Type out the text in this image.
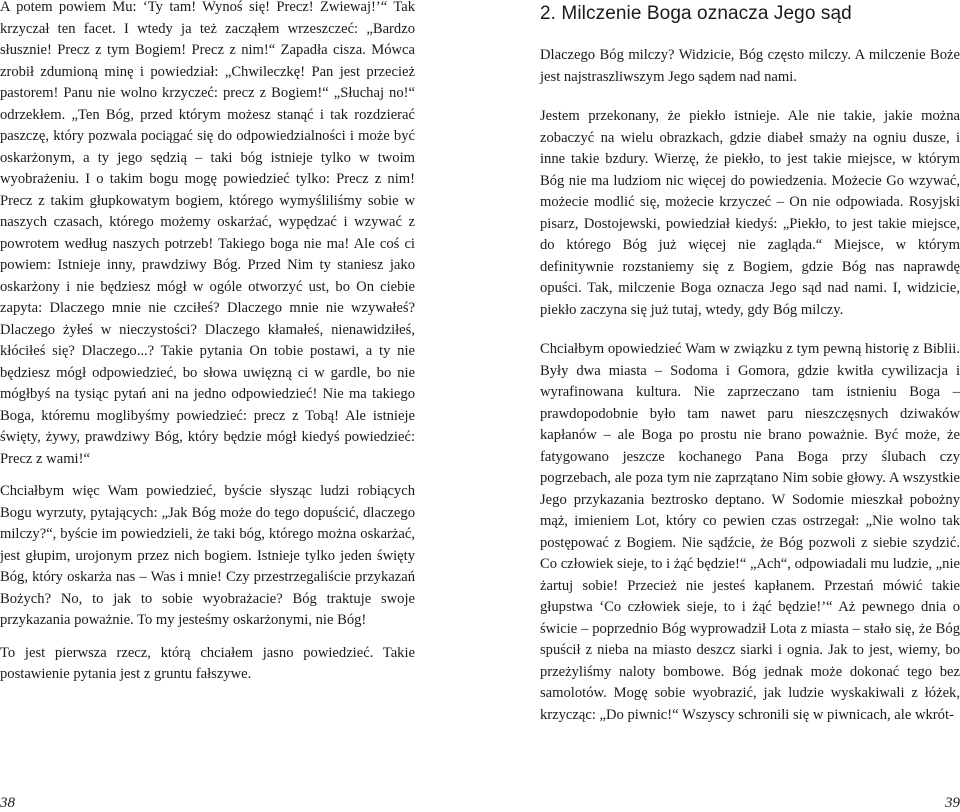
A potem powiem Mu: ‘Ty tam! Wynoś się! Precz! Zwiewaj!’“ Tak krzyczał ten facet. I wtedy ja też zacząłem wrzeszczeć: „Bardzo słusznie! Precz z tym Bogiem! Precz z nim!“ Zapadła cisza. Mówca zrobił zdumioną minę i powiedział: „Chwileczkę! Pan jest przecież pastorem! Panu nie wolno krzyczeć: precz z Bogiem!“ „Słuchaj no!“ odrzekłem. „Ten Bóg, przed którym możesz stanąć i tak rozdzierać paszczę, który pozwala pociągać się do odpowiedzialności i może być oskarżonym, a ty jego sędzią – taki bóg istnieje tylko w twoim wyobrażeniu. I o takim bogu mogę powiedzieć tylko: Precz z nim! Precz z takim głupkowatym bogiem, którego wymyśliliśmy sobie w naszych czasach, którego możemy oskarżać, wypędzać i wzywać z powrotem według naszych potrzeb! Takiego boga nie ma! Ale coś ci powiem: Istnieje inny, prawdziwy Bóg. Przed Nim ty staniesz jako oskarżony i nie będziesz mógł w ogóle otworzyć ust, bo On ciebie zapyta: Dlaczego mnie nie czciłeś? Dlaczego mnie nie wzywałeś? Dlaczego żyłeś w nieczystości? Dlaczego kłamałeś, nienawidziłeś, kłóciłeś się? Dlaczego...? Takie pytania On tobie postawi, a ty nie będziesz mógł odpowiedzieć, bo słowa uwięzną ci w gardle, bo nie mógłbyś na tysiąc pytań ani na jedno odpowiedzieć! Nie ma takiego Boga, któremu moglibyśmy powiedzieć: precz z Tobą! Ale istnieje święty, żywy, prawdziwy Bóg, który będzie mógł kiedyś powiedzieć: Precz z wami!“

Chciałbym więc Wam powiedzieć, byście słysząc ludzi robiących Bogu wyrzuty, pytających: „Jak Bóg może do tego dopuścić, dlaczego milczy?“, byście im powiedzieli, że taki bóg, którego można oskarżać, jest głupim, urojonym przez nich bogiem. Istnieje tylko jeden święty Bóg, który oskarża nas – Was i mnie! Czy przestrzegaliście przykazań Bożych? No, to jak to sobie wyobrażacie? Bóg traktuje swoje przykazania poważnie. To my jesteśmy oskarżonymi, nie Bóg!

To jest pierwsza rzecz, którą chciałem jasno powiedzieć. Takie postawienie pytania jest z gruntu fałszywe.

2. Milczenie Boga oznacza Jego sąd

Dlaczego Bóg milczy? Widzicie, Bóg często milczy. A milczenie Boże jest najstraszliwszym Jego sądem nad nami.

Jestem przekonany, że piekło istnieje. Ale nie takie, jakie można zobaczyć na wielu obrazkach, gdzie diabeł smaży na ogniu dusze, i inne takie bzdury. Wierzę, że piekło, to jest takie miejsce, w którym Bóg nie ma ludziom nic więcej do powiedzenia. Możecie Go wzywać, możecie modlić się, możecie krzyczeć – On nie odpowiada. Rosyjski pisarz, Dostojewski, powiedział kiedyś: „Piekło, to jest takie miejsce, do którego Bóg już więcej nie zagląda.“ Miejsce, w którym definitywnie rozstaniemy się z Bogiem, gdzie Bóg nas naprawdę opuści. Tak, milczenie Boga oznacza Jego sąd nad nami. I, widzicie, piekło zaczyna się już tutaj, wtedy, gdy Bóg milczy.

Chciałbym opowiedzieć Wam w związku z tym pewną historię z Biblii. Były dwa miasta – Sodoma i Gomora, gdzie kwitła cywilizacja i wyrafinowana kultura. Nie zaprzeczano tam istnieniu Boga – prawdopodobnie było tam nawet paru nieszczęsnych dziwaków kapłanów – ale Boga po prostu nie brano poważnie. Być może, że fatygowano jeszcze kochanego Pana Boga przy ślubach czy pogrzebach, ale poza tym nie zaprzątano Nim sobie głowy. A wszystkie Jego przykazania beztrosko deptano. W Sodomie mieszkał pobożny mąż, imieniem Lot, który co pewien czas ostrzegał: „Nie wolno tak postępować z Bogiem. Nie sądźcie, że Bóg pozwoli z siebie szydzić. Co człowiek sieje, to i żąć będzie!“ „Ach“, odpowiadali mu ludzie, „nie żartuj sobie! Przecież nie jesteś kapłanem. Przestań mówić takie głupstwa ‘Co człowiek sieje, to i żąć będzie!’“ Aż pewnego dnia o świcie – poprzednio Bóg wyprowadził Lota z miasta – stało się, że Bóg spuścił z nieba na miasto deszcz siarki i ognia. Jak to jest, wiemy, bo przeżyliśmy naloty bombowe. Bóg jednak może dokonać tego bez samolotów. Mogę sobie wyobrazić, jak ludzie wyskakiwali z łóżek, krzycząc: „Do piwnic!“ Wszyscy schronili się w piwnicach, ale wkrót-

38	39
